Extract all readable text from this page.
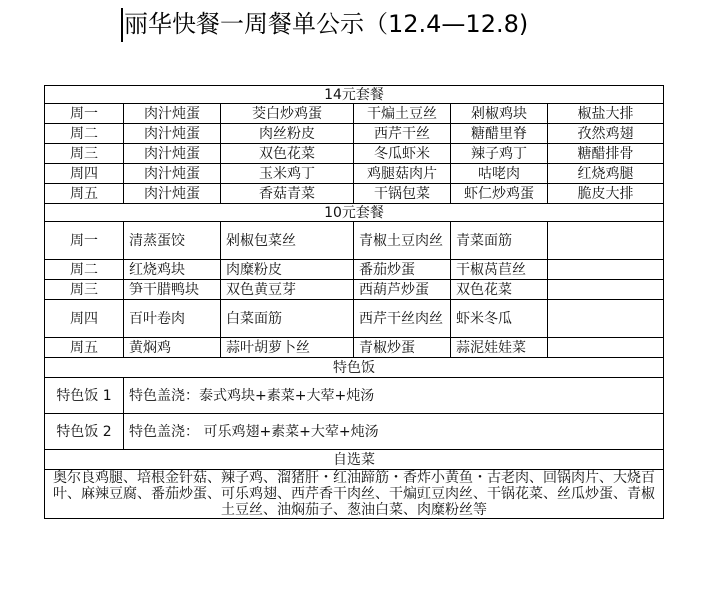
丽华快餐一周餐单公示（12.4—12.8)
14元套餐					
周一	肉汁炖蛋	茭白炒鸡蛋	干煸土豆丝	剁椒鸡块	椒盐大排
周二	肉汁炖蛋	肉丝粉皮	西芹干丝	糖醋里脊	孜然鸡翅
周三	肉汁炖蛋	双色花菜	冬瓜虾米	辣子鸡丁	糖醋排骨
周四	肉汁炖蛋	玉米鸡丁	鸡腿菇肉片	咕咾肉	红烧鸡腿
周五	肉汁炖蛋	香菇青菜	干锅包菜	虾仁炒鸡蛋	脆皮大排
10元套餐					
周一	清蒸蛋饺	剁椒包菜丝	青椒土豆肉丝	青菜面筋	
周二	红烧鸡块	肉糜粉皮	番茄炒蛋	干椒莴苣丝	
周三	笋干腊鸭块	双色黄豆芽	西葫芦炒蛋	双色花菜	
周四	百叶卷肉	白菜面筋	西芹干丝肉丝	虾米冬瓜	
周五	黄焖鸡	蒜叶胡萝卜丝	青椒炒蛋	蒜泥娃娃菜	
特色饭					
特色饭 1	特色盖浇：泰式鸡块+素菜+大荤+炖汤				
特色饭 2	特色盖浇： 可乐鸡翅+素菜+大荤+炖汤				
自选菜					
奥尔良鸡腿、培根金针菇、辣子鸡、溜猪肝・红油蹄筋・香炸小黄鱼・古老肉、回锅肉片、大烧百叶、麻辣豆腐、番茄炒蛋、可乐鸡翅、西芹香干肉丝、干煸豇豆肉丝、干锅花菜、丝瓜炒蛋、青椒土豆丝、油焖茄子、葱油白菜、肉糜粉丝等					
